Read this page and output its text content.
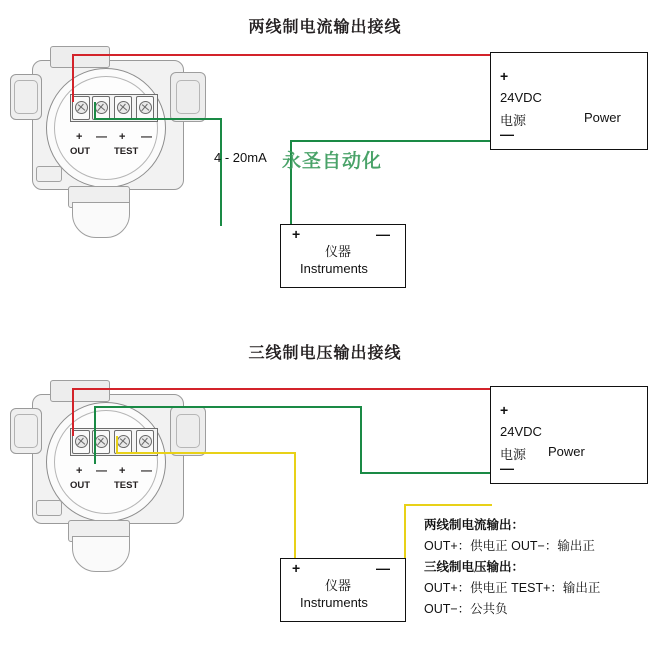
两线制电流输出接线
+ — + —
OUT	TEST	4 - 20mA 永圣自动化
+
24VDC
电源	Power
—
+	—
仪器
Instruments
三线制电压输出接线
+ — + —
OUT	TEST
+
24VDC
电源 Power
—
+	—
仪器
Instruments
两线制电流输出：
OUT+：供电正 OUT−：输出正
三线制电压输出：
OUT+：供电正 TEST+：输出正
OUT−：公共负
